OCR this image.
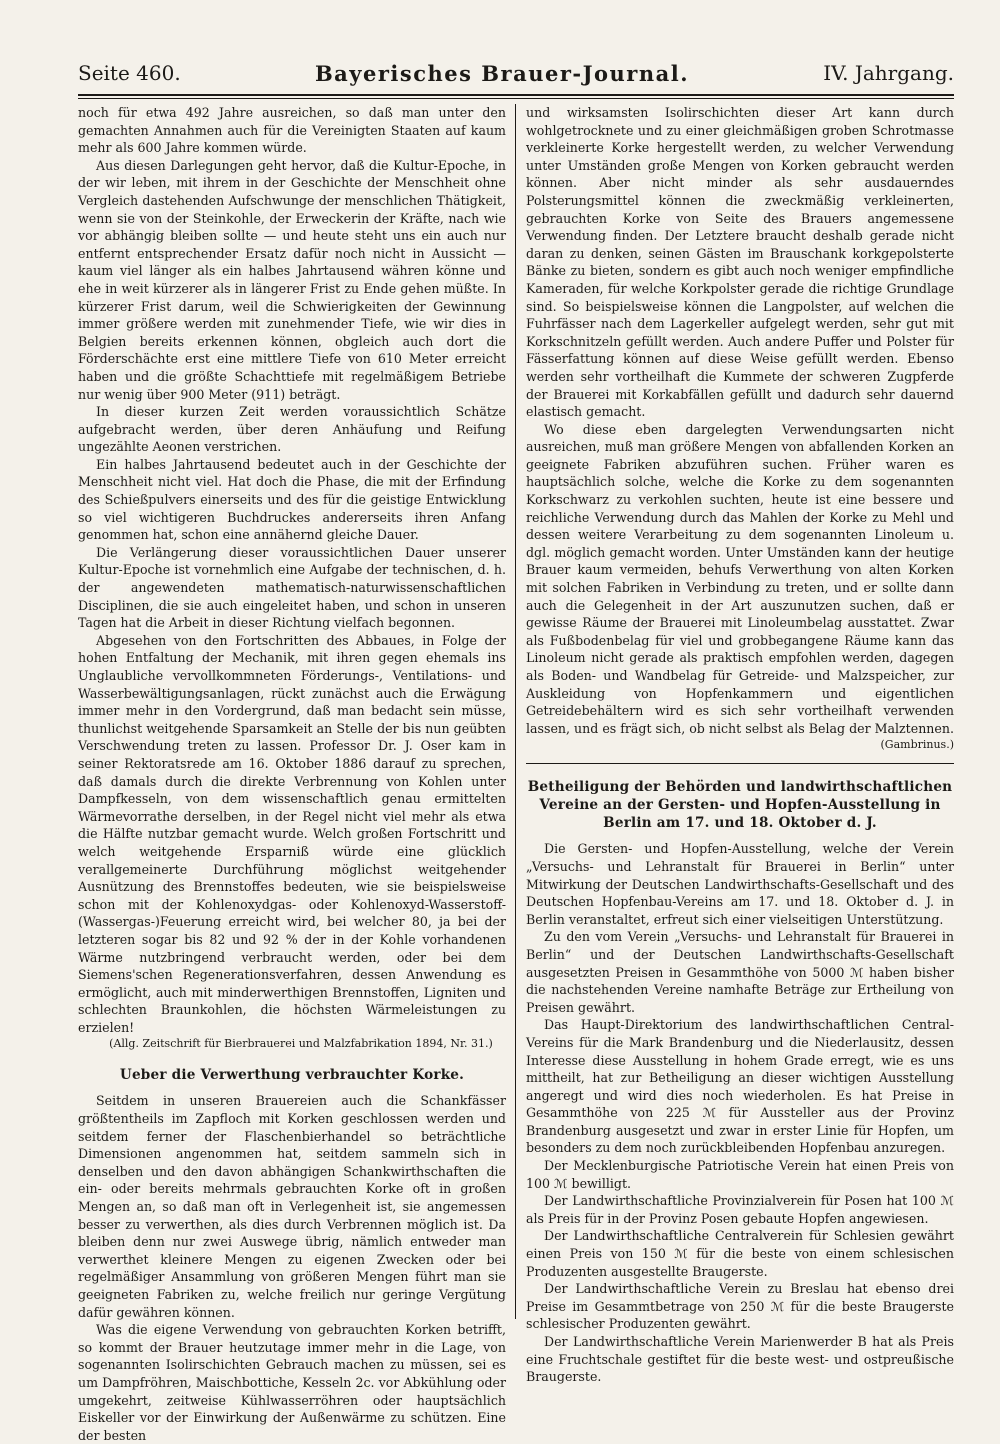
Seite 460.	Bayerisches Brauer-Journal.	IV. Jahrgang.

noch für etwa 492 Jahre ausreichen, so daß man unter den gemachten Annahmen auch für die Vereinigten Staaten auf kaum mehr als 600 Jahre kommen würde.

Aus diesen Darlegungen geht hervor, daß die Kultur-Epoche, in der wir leben, mit ihrem in der Geschichte der Menschheit ohne Vergleich dastehenden Aufschwunge der menschlichen Thätigkeit, wenn sie von der Steinkohle, der Erweckerin der Kräfte, nach wie vor abhängig bleiben sollte — und heute steht uns ein auch nur entfernt entsprechender Ersatz dafür noch nicht in Aussicht — kaum viel länger als ein halbes Jahrtausend währen könne und ehe in weit kürzerer als in längerer Frist zu Ende gehen müßte. In kürzerer Frist darum, weil die Schwierigkeiten der Gewinnung immer größere werden mit zunehmender Tiefe, wie wir dies in Belgien bereits erkennen können, obgleich auch dort die Förderschächte erst eine mittlere Tiefe von 610 Meter erreicht haben und die größte Schachttiefe mit regelmäßigem Betriebe nur wenig über 900 Meter (911) beträgt.

In dieser kurzen Zeit werden voraussichtlich Schätze aufgebracht werden, über deren Anhäufung und Reifung ungezählte Aeonen verstrichen.

Ein halbes Jahrtausend bedeutet auch in der Geschichte der Menschheit nicht viel. Hat doch die Phase, die mit der Erfindung des Schießpulvers einerseits und des für die geistige Entwicklung so viel wichtigeren Buchdruckes andererseits ihren Anfang genommen hat, schon eine annähernd gleiche Dauer.

Die Verlängerung dieser voraussichtlichen Dauer unserer Kultur-Epoche ist vornehmlich eine Aufgabe der technischen, d. h. der angewendeten mathematisch-naturwissenschaftlichen Disciplinen, die sie auch eingeleitet haben, und schon in unseren Tagen hat die Arbeit in dieser Richtung vielfach begonnen.

Abgesehen von den Fortschritten des Abbaues, in Folge der hohen Entfaltung der Mechanik, mit ihren gegen ehemals ins Unglaubliche vervollkommneten Förderungs-, Ventilations- und Wasserbewältigungsanlagen, rückt zunächst auch die Erwägung immer mehr in den Vordergrund, daß man bedacht sein müsse, thunlichst weitgehende Sparsamkeit an Stelle der bis nun geübten Verschwendung treten zu lassen. Professor Dr. J. Oser kam in seiner Rektoratsrede am 16. Oktober 1886 darauf zu sprechen, daß damals durch die direkte Verbrennung von Kohlen unter Dampfkesseln, von dem wissenschaftlich genau ermittelten Wärmevorrathe derselben, in der Regel nicht viel mehr als etwa die Hälfte nutzbar gemacht wurde. Welch großen Fortschritt und welch weitgehende Ersparniß würde eine glücklich verallgemeinerte Durchführung möglichst weitgehender Ausnützung des Brennstoffes bedeuten, wie sie beispielsweise schon mit der Kohlenoxydgas- oder Kohlenoxyd-Wasserstoff-(Wassergas-)Feuerung erreicht wird, bei welcher 80, ja bei der letzteren sogar bis 82 und 92 % der in der Kohle vorhandenen Wärme nutzbringend verbraucht werden, oder bei dem Siemens'schen Regenerationsverfahren, dessen Anwendung es ermöglicht, auch mit minderwerthigen Brennstoffen, Ligniten und schlechten Braunkohlen, die höchsten Wärmeleistungen zu erzielen!

(Allg. Zeitschrift für Bierbrauerei und Malzfabrikation 1894, Nr. 31.)

Ueber die Verwerthung verbrauchter Korke.

Seitdem in unseren Brauereien auch die Schankfässer größtentheils im Zapfloch mit Korken geschlossen werden und seitdem ferner der Flaschenbierhandel so beträchtliche Dimensionen angenommen hat, seitdem sammeln sich in denselben und den davon abhängigen Schankwirthschaften die ein- oder bereits mehrmals gebrauchten Korke oft in großen Mengen an, so daß man oft in Verlegenheit ist, sie angemessen besser zu verwerthen, als dies durch Verbrennen möglich ist. Da bleiben denn nur zwei Auswege übrig, nämlich entweder man verwerthet kleinere Mengen zu eigenen Zwecken oder bei regelmäßiger Ansammlung von größeren Mengen führt man sie geeigneten Fabriken zu, welche freilich nur geringe Vergütung dafür gewähren können.

Was die eigene Verwendung von gebrauchten Korken betrifft, so kommt der Brauer heutzutage immer mehr in die Lage, von sogenannten Isolirschichten Gebrauch machen zu müssen, sei es um Dampfröhren, Maischbottiche, Kesseln 2c. vor Abkühlung oder umgekehrt, zeitweise Kühlwasserröhren oder hauptsächlich Eiskeller vor der Einwirkung der Außenwärme zu schützen. Eine der besten

und wirksamsten Isolirschichten dieser Art kann durch wohlgetrocknete und zu einer gleichmäßigen groben Schrotmasse verkleinerte Korke hergestellt werden, zu welcher Verwendung unter Umständen große Mengen von Korken gebraucht werden können. Aber nicht minder als sehr ausdauerndes Polsterungsmittel können die zweckmäßig verkleinerten, gebrauchten Korke von Seite des Brauers angemessene Verwendung finden. Der Letztere braucht deshalb gerade nicht daran zu denken, seinen Gästen im Brauschank korkgepolsterte Bänke zu bieten, sondern es gibt auch noch weniger empfindliche Kameraden, für welche Korkpolster gerade die richtige Grundlage sind. So beispielsweise können die Langpolster, auf welchen die Fuhrfässer nach dem Lagerkeller aufgelegt werden, sehr gut mit Korkschnitzeln gefüllt werden. Auch andere Puffer und Polster für Fässerfattung können auf diese Weise gefüllt werden. Ebenso werden sehr vortheilhaft die Kummete der schweren Zugpferde der Brauerei mit Korkabfällen gefüllt und dadurch sehr dauernd elastisch gemacht.

Wo diese eben dargelegten Verwendungsarten nicht ausreichen, muß man größere Mengen von abfallenden Korken an geeignete Fabriken abzuführen suchen. Früher waren es hauptsächlich solche, welche die Korke zu dem sogenannten Korkschwarz zu verkohlen suchten, heute ist eine bessere und reichliche Verwendung durch das Mahlen der Korke zu Mehl und dessen weitere Verarbeitung zu dem sogenannten Linoleum u. dgl. möglich gemacht worden. Unter Umständen kann der heutige Brauer kaum vermeiden, behufs Verwerthung von alten Korken mit solchen Fabriken in Verbindung zu treten, und er sollte dann auch die Gelegenheit in der Art auszunutzen suchen, daß er gewisse Räume der Brauerei mit Linoleumbelag ausstattet. Zwar als Fußbodenbelag für viel und grobbegangene Räume kann das Linoleum nicht gerade als praktisch empfohlen werden, dagegen als Boden- und Wandbelag für Getreide- und Malzspeicher, zur Auskleidung von Hopfenkammern und eigentlichen Getreidebehältern wird es sich sehr vortheilhaft verwenden lassen, und es frägt sich, ob nicht selbst als Belag der Malztennen.

(Gambrinus.)

Betheiligung der Behörden und landwirthschaftlichen Vereine an der Gersten- und Hopfen-Ausstellung in Berlin am 17. und 18. Oktober d. J.

Die Gersten- und Hopfen-Ausstellung, welche der Verein „Versuchs- und Lehranstalt für Brauerei in Berlin“ unter Mitwirkung der Deutschen Landwirthschafts-Gesellschaft und des Deutschen Hopfenbau-Vereins am 17. und 18. Oktober d. J. in Berlin veranstaltet, erfreut sich einer vielseitigen Unterstützung.

Zu den vom Verein „Versuchs- und Lehranstalt für Brauerei in Berlin“ und der Deutschen Landwirthschafts-Gesellschaft ausgesetzten Preisen in Gesammthöhe von 5000 ℳ haben bisher die nachstehenden Vereine namhafte Beträge zur Ertheilung von Preisen gewährt.

Das Haupt-Direktorium des landwirthschaftlichen Central-Vereins für die Mark Brandenburg und die Niederlausitz, dessen Interesse diese Ausstellung in hohem Grade erregt, wie es uns mittheilt, hat zur Betheiligung an dieser wichtigen Ausstellung angeregt und wird dies noch wiederholen. Es hat Preise in Gesammthöhe von 225 ℳ für Aussteller aus der Provinz Brandenburg ausgesetzt und zwar in erster Linie für Hopfen, um besonders zu dem noch zurückbleibenden Hopfenbau anzuregen.

Der Mecklenburgische Patriotische Verein hat einen Preis von 100 ℳ bewilligt.

Der Landwirthschaftliche Provinzialverein für Posen hat 100 ℳ als Preis für in der Provinz Posen gebaute Hopfen angewiesen.

Der Landwirthschaftliche Centralverein für Schlesien gewährt einen Preis von 150 ℳ für die beste von einem schlesischen Produzenten ausgestellte Braugerste.

Der Landwirthschaftliche Verein zu Breslau hat ebenso drei Preise im Gesammtbetrage von 250 ℳ für die beste Braugerste schlesischer Produzenten gewährt.

Der Landwirthschaftliche Verein Marienwerder B hat als Preis eine Fruchtschale gestiftet für die beste west- und ostpreußische Braugerste.
